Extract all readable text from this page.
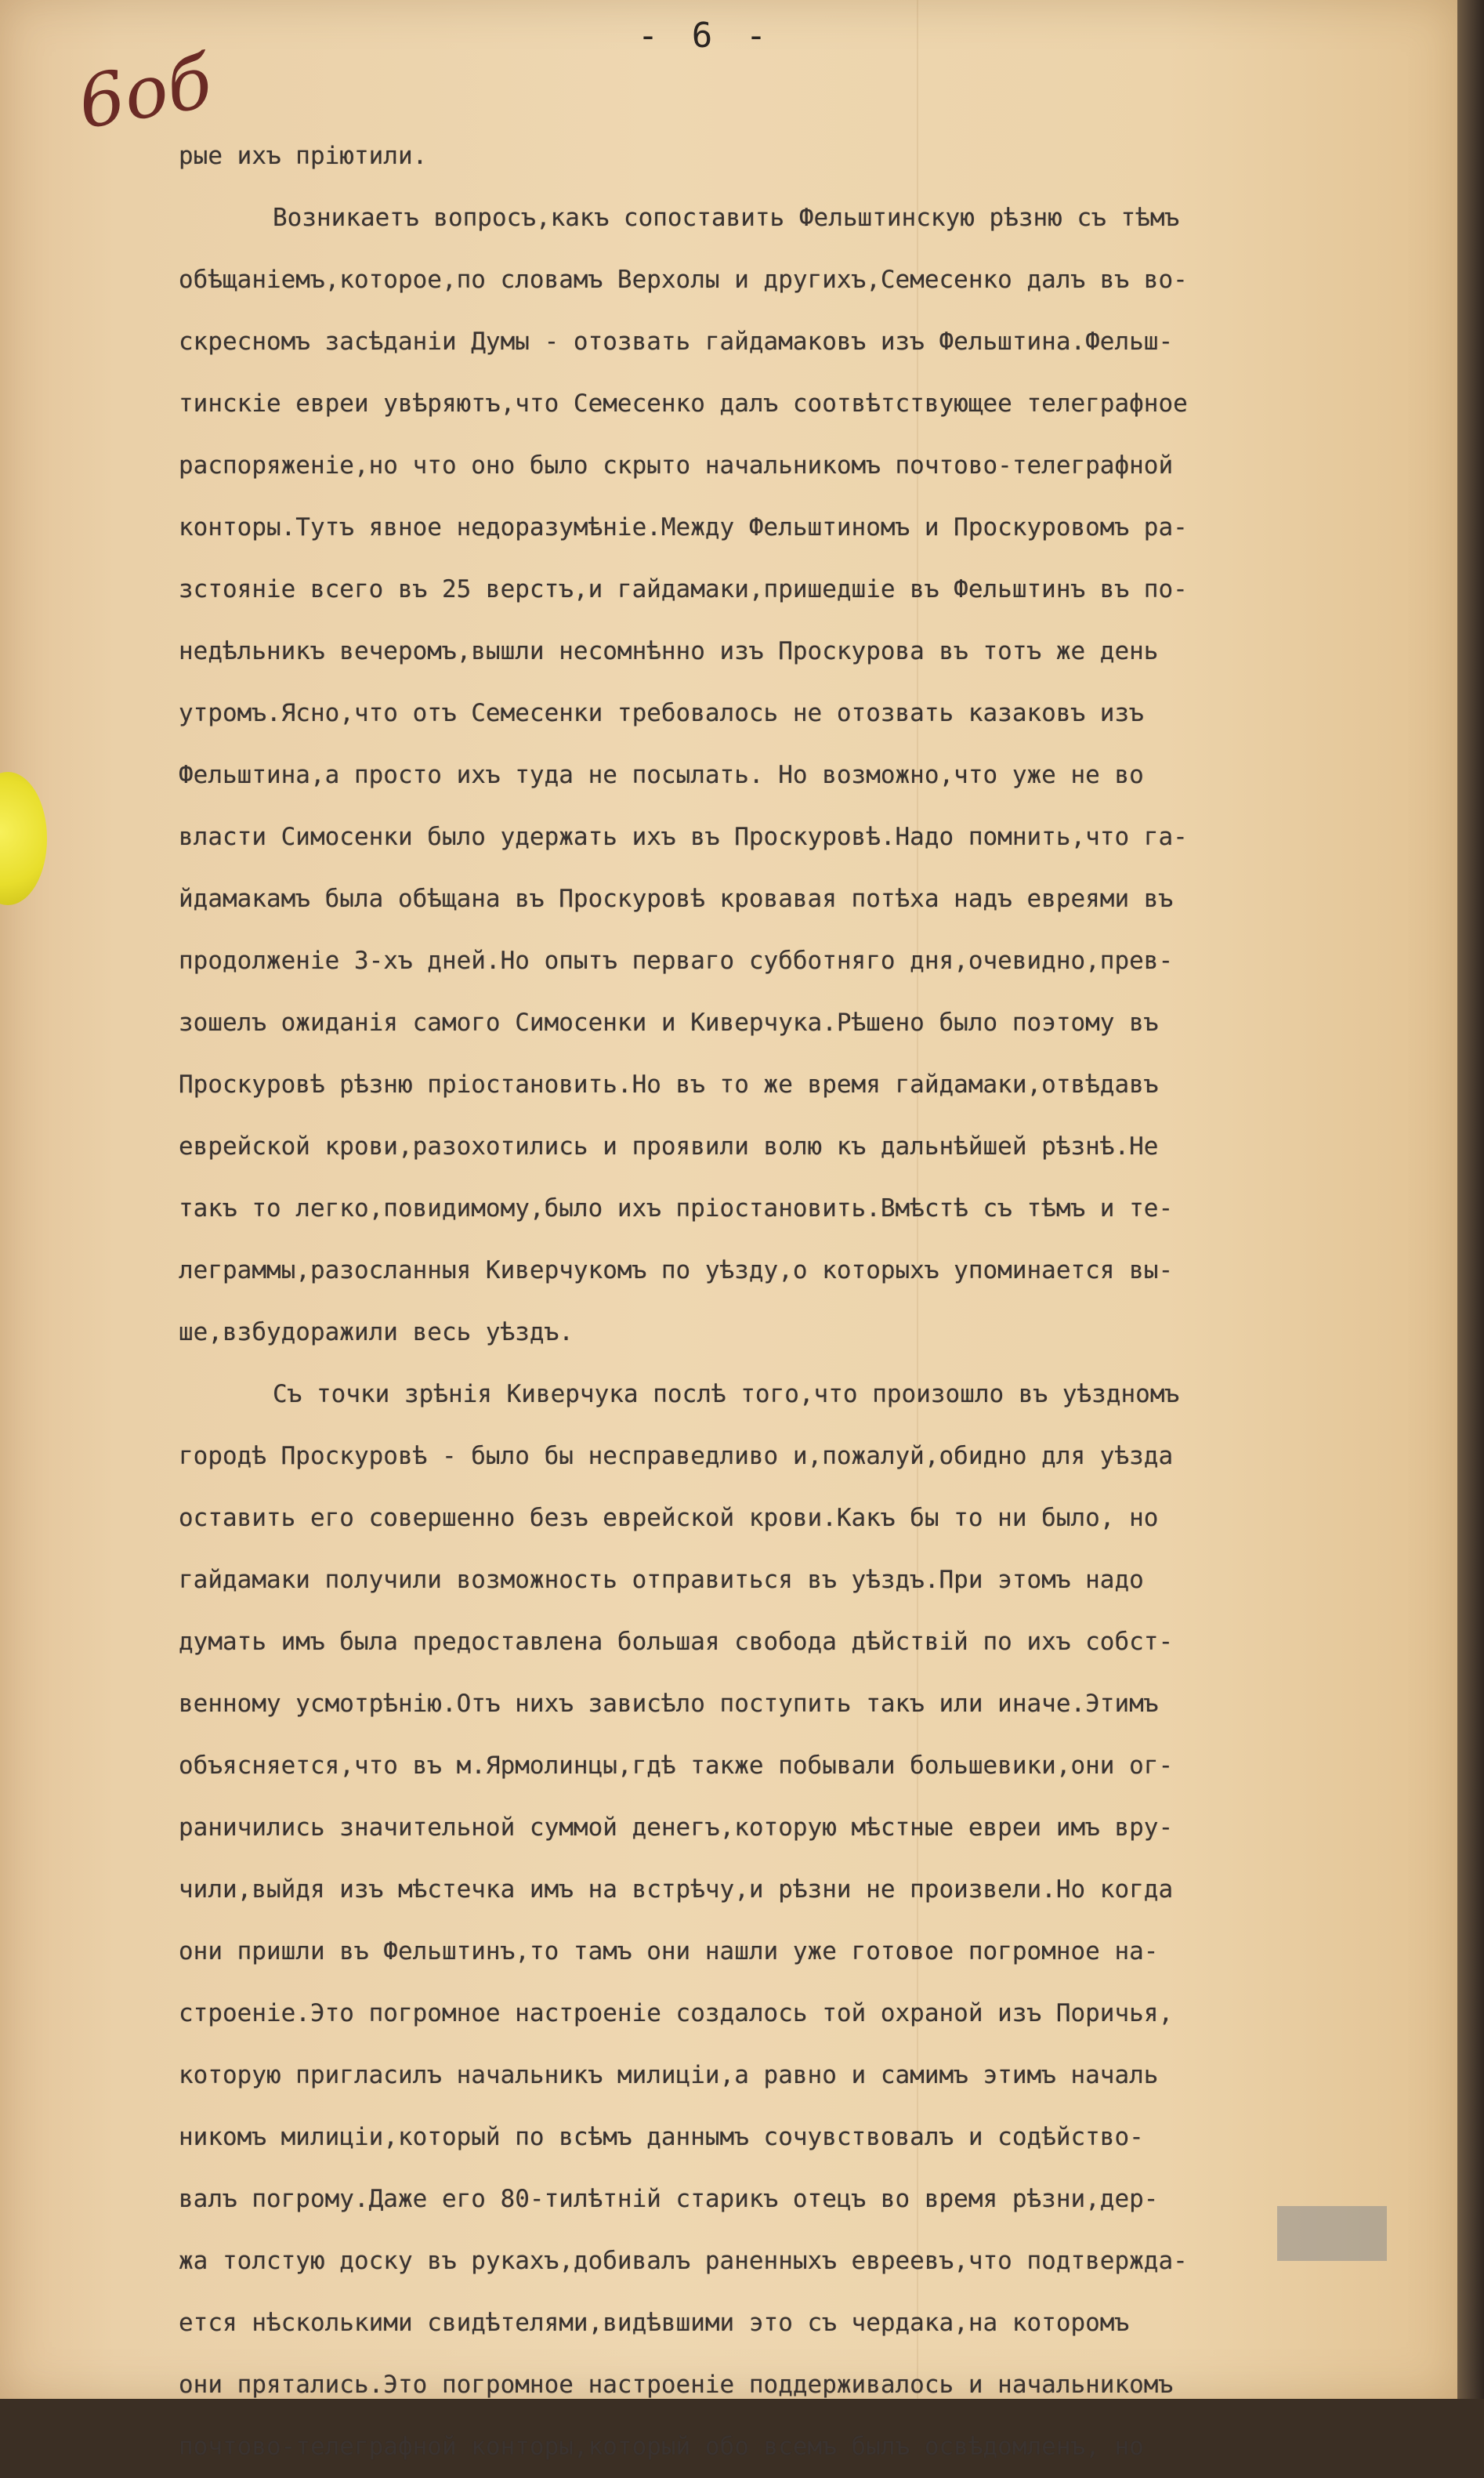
- 6 -
6об
рые ихъ пріютили.
Возникаетъ вопросъ,какъ сопоставить Фельштинскую рѣзню съ тѣмъ
обѣщаніемъ,которое,по словамъ Верхолы и другихъ,Семесенко далъ въ во-
скресномъ засѣданіи Думы - отозвать гайдамаковъ изъ Фельштина.Фельш-
тинскіе евреи увѣряютъ,что Семесенко далъ соотвѣтствующее телеграфное
распоряженіе,но что оно было скрыто начальникомъ почтово-телеграфной
конторы.Тутъ явное недоразумѣніе.Между Фельштиномъ и Проскуровомъ ра-
зстояніе всего въ 25 верстъ,и гайдамаки,пришедшіе въ Фельштинъ въ по-
недѣльникъ вечеромъ,вышли несомнѣнно изъ Проскурова въ тотъ же день
утромъ.Ясно,что отъ Семесенки требовалось не отозвать казаковъ изъ
Фельштина,а просто ихъ туда не посылать. Но возможно,что уже не во
власти Симосенки было удержать ихъ въ Проскуровѣ.Надо помнить,что га-
йдамакамъ была обѣщана въ Проскуровѣ кровавая потѣха надъ евреями въ
продолженіе 3-хъ дней.Но опытъ перваго субботняго дня,очевидно,прев-
зошелъ ожиданія самого Симосенки и Киверчука.Рѣшено было поэтому въ
Проскуровѣ рѣзню пріостановить.Но въ то же время гайдамаки,отвѣдавъ
еврейской крови,разохотились и проявили волю къ дальнѣйшей рѣзнѣ.Не
такъ то легко,повидимому,было ихъ пріостановить.Вмѣстѣ съ тѣмъ и те-
леграммы,разосланныя Киверчукомъ по уѣзду,о которыхъ упоминается вы-
ше,взбудоражили весь уѣздъ.
Съ точки зрѣнія Киверчука послѣ того,что произошло въ уѣздномъ
городѣ Проскуровѣ - было бы несправедливо и,пожалуй,обидно для уѣзда
оставить его совершенно безъ еврейской крови.Какъ бы то ни было, но
гайдамаки получили возможность отправиться въ уѣздъ.При этомъ надо
думать имъ была предоставлена большая свобода дѣйствій по ихъ собст-
венному усмотрѣнію.Отъ нихъ зависѣло поступить такъ или иначе.Этимъ
объясняется,что въ м.Ярмолинцы,гдѣ также побывали большевики,они ог-
раничились значительной суммой денегъ,которую мѣстные евреи имъ вру-
чили,выйдя изъ мѣстечка имъ на встрѣчу,и рѣзни не произвели.Но когда
они пришли въ Фельштинъ,то тамъ они нашли уже готовое погромное на-
строеніе.Это погромное настроеніе создалось той охраной изъ Поричья,
которую пригласилъ начальникъ милиціи,а равно и самимъ этимъ началь
никомъ милиціи,который по всѣмъ даннымъ сочувствовалъ и содѣйство-
валъ погрому.Даже его 80-тилѣтній старикъ отецъ во время рѣзни,дер-
жа толстую доску въ рукахъ,добивалъ раненныхъ евреевъ,что подтвержда-
ется нѣсколькими свидѣтелями,видѣвшими это съ чердака,на которомъ
они прятались.Это погромное настроеніе поддерживалось и начальникомъ
почтово-телеграфной конторы,который обо всемъ былъ освѣдомленъ, но
